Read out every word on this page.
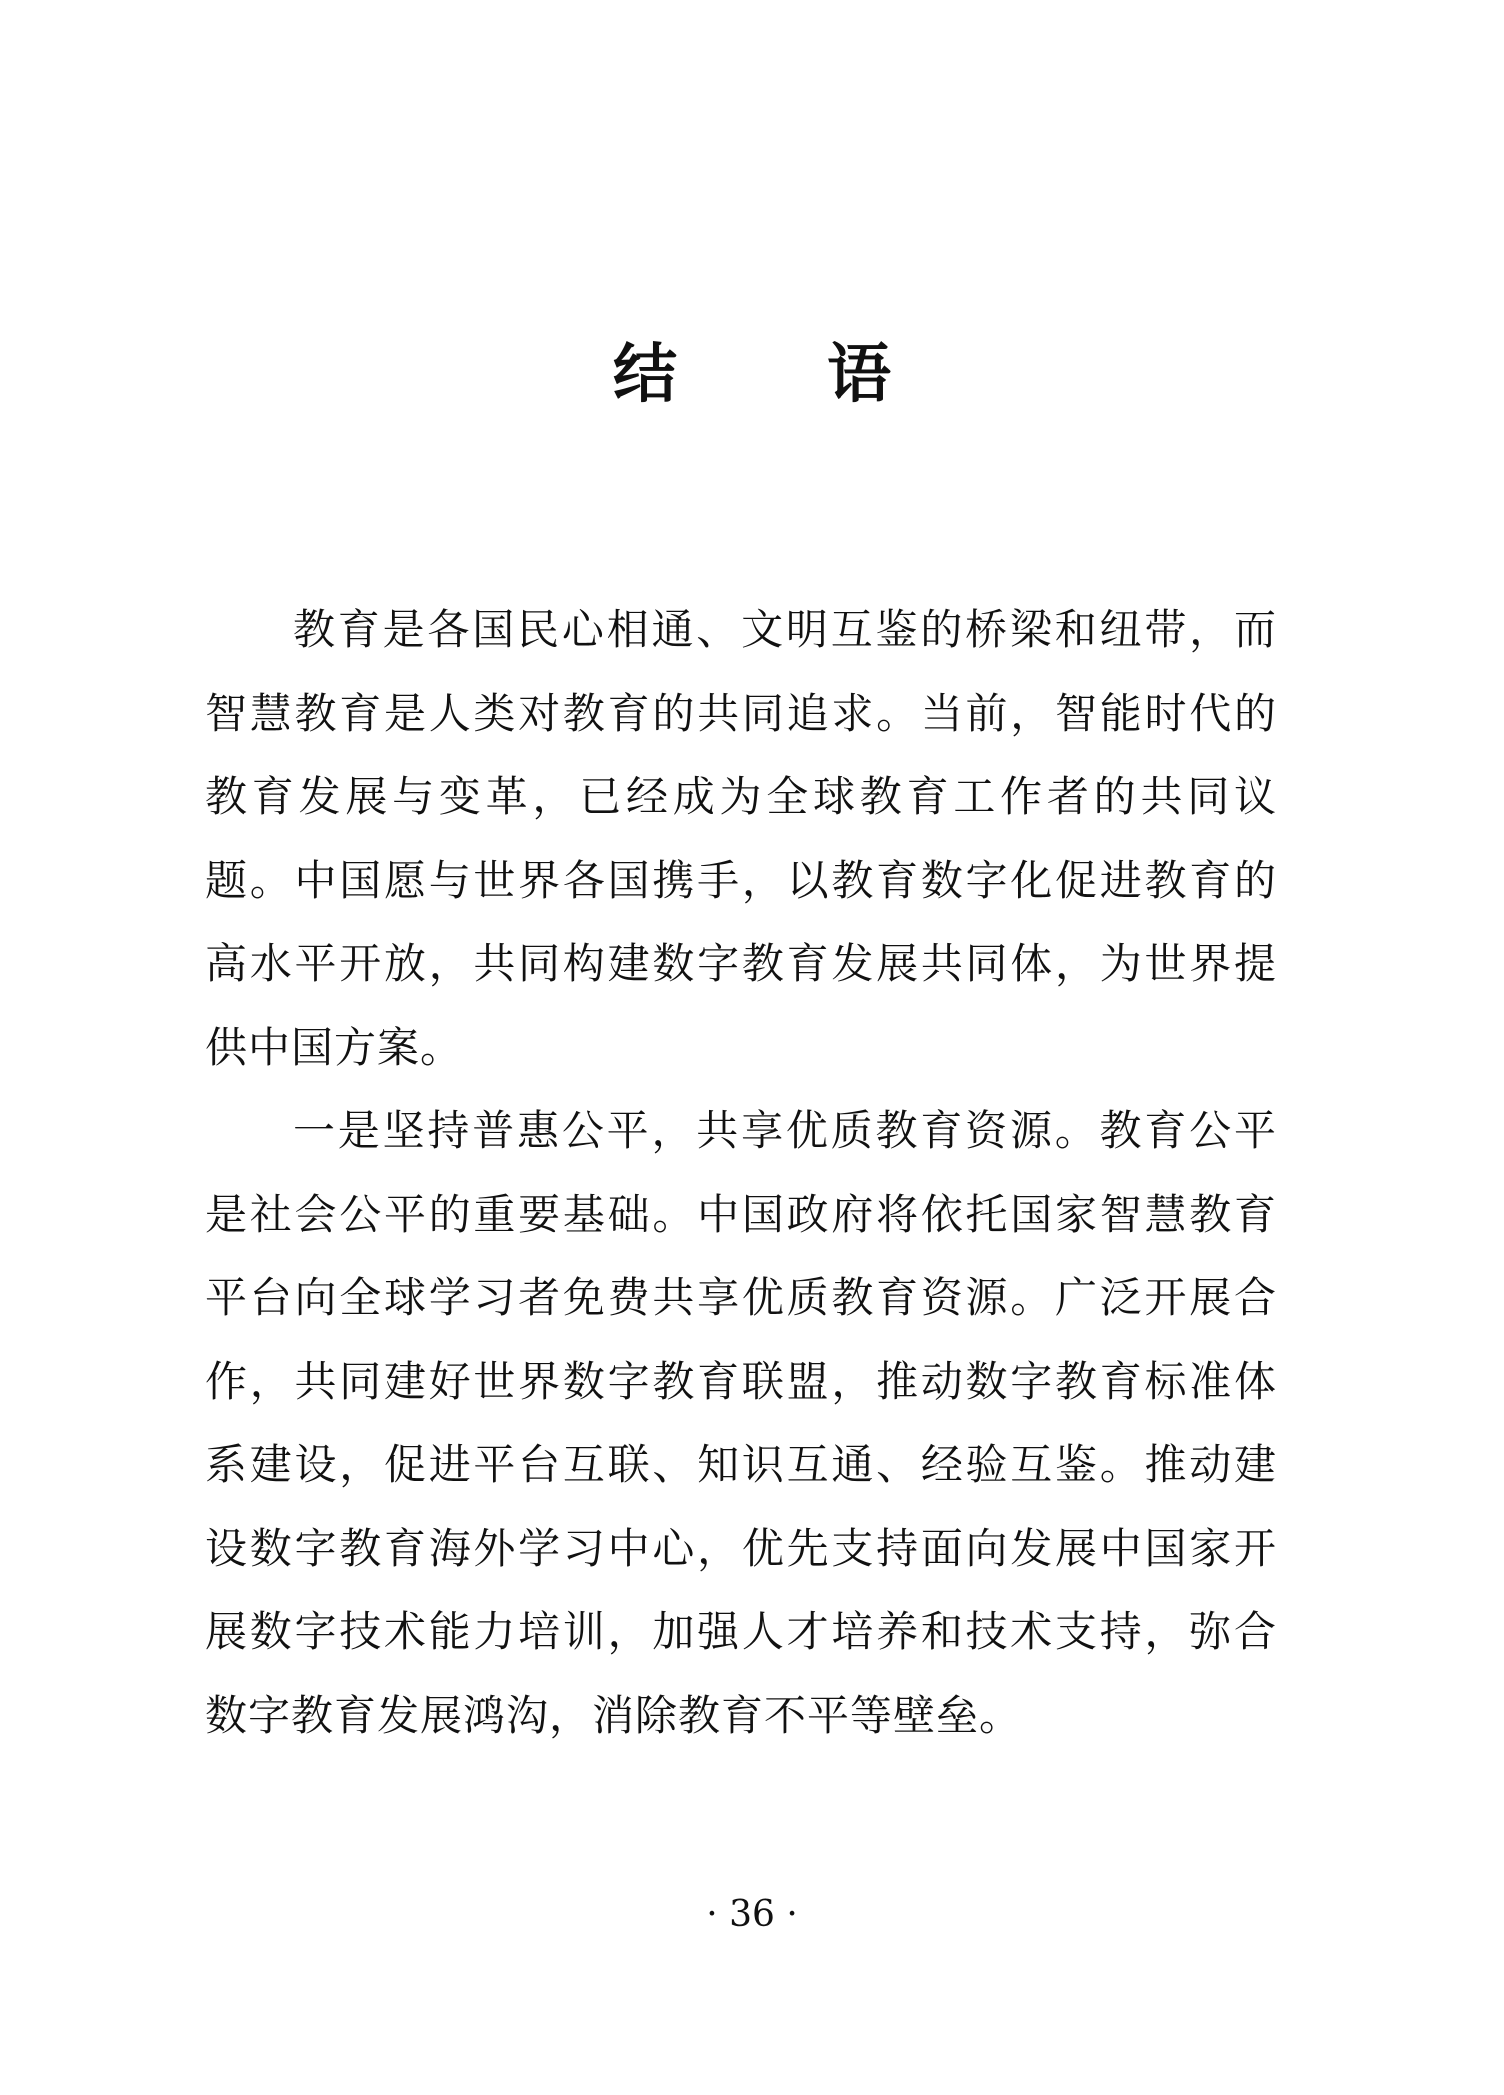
结 语

教育是各国民心相通、文明互鉴的桥梁和纽带，而智慧教育是人类对教育的共同追求。当前，智能时代的教育发展与变革，已经成为全球教育工作者的共同议题。中国愿与世界各国携手，以教育数字化促进教育的高水平开放，共同构建数字教育发展共同体，为世界提供中国方案。

一是坚持普惠公平，共享优质教育资源。教育公平是社会公平的重要基础。中国政府将依托国家智慧教育平台向全球学习者免费共享优质教育资源。广泛开展合作，共同建好世界数字教育联盟，推动数字教育标准体系建设，促进平台互联、知识互通、经验互鉴。推动建设数字教育海外学习中心，优先支持面向发展中国家开展数字技术能力培训，加强人才培养和技术支持，弥合数字教育发展鸿沟，消除教育不平等壁垒。

· 36 ·
